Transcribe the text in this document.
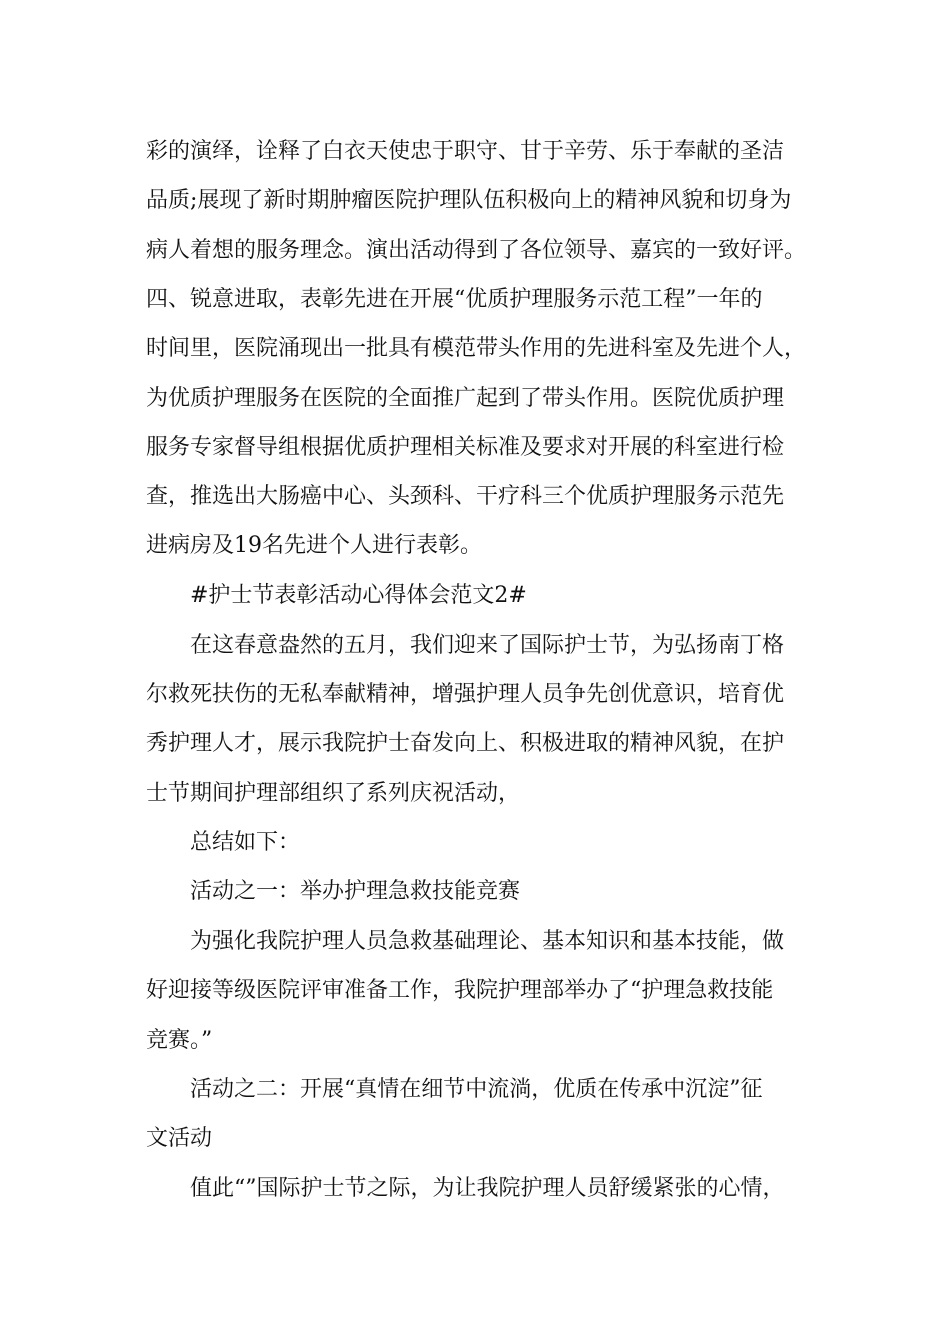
彩的演绎，诠释了白衣天使忠于职守、甘于辛劳、乐于奉献的圣洁
品质;展现了新时期肿瘤医院护理队伍积极向上的精神风貌和切身为
病人着想的服务理念。演出活动得到了各位领导、嘉宾的一致好评。
四、锐意进取，表彰先进在开展“优质护理服务示范工程”一年的
时间里，医院涌现出一批具有模范带头作用的先进科室及先进个人，
为优质护理服务在医院的全面推广起到了带头作用。医院优质护理
服务专家督导组根据优质护理相关标准及要求对开展的科室进行检
查，推选出大肠癌中心、头颈科、干疗科三个优质护理服务示范先
进病房及19名先进个人进行表彰。
#护士节表彰活动心得体会范文2#
在这春意盎然的五月，我们迎来了国际护士节，为弘扬南丁格
尔救死扶伤的无私奉献精神，增强护理人员争先创优意识，培育优
秀护理人才，展示我院护士奋发向上、积极进取的精神风貌，在护
士节期间护理部组织了系列庆祝活动，
总结如下：
活动之一：举办护理急救技能竞赛
为强化我院护理人员急救基础理论、基本知识和基本技能，做
好迎接等级医院评审准备工作，我院护理部举办了“护理急救技能
竞赛。”
活动之二：开展“真情在细节中流淌，优质在传承中沉淀”征
文活动
值此“”国际护士节之际，为让我院护理人员舒缓紧张的心情，
